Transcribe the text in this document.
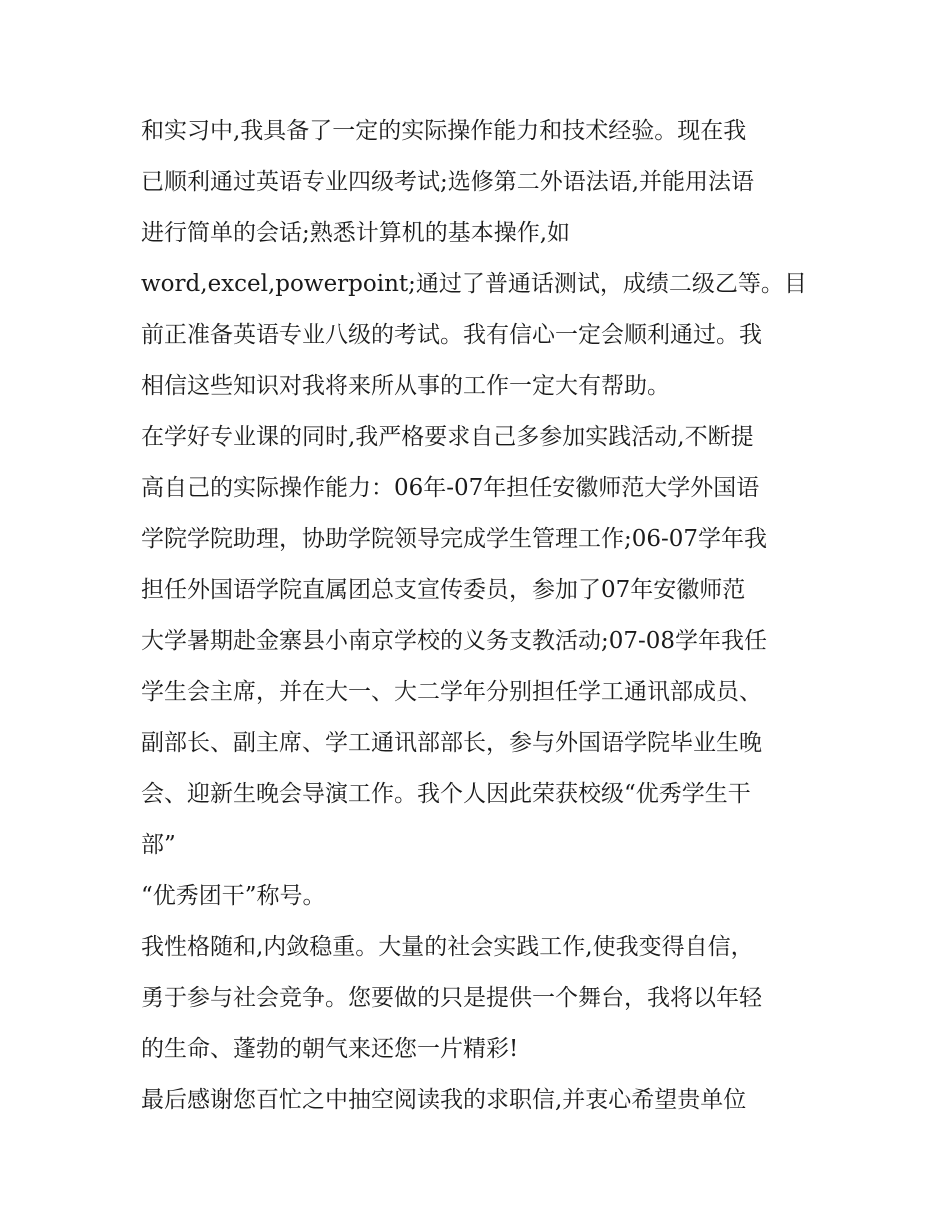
和实习中,我具备了一定的实际操作能力和技术经验。现在我
已顺利通过英语专业四级考试;选修第二外语法语,并能用法语
进行简单的会话;熟悉计算机的基本操作,如
word,excel,powerpoint;通过了普通话测试，成绩二级乙等。目
前正准备英语专业八级的考试。我有信心一定会顺利通过。我
相信这些知识对我将来所从事的工作一定大有帮助。
在学好专业课的同时,我严格要求自己多参加实践活动,不断提
高自己的实际操作能力：06年-07年担任安徽师范大学外国语
学院学院助理，协助学院领导完成学生管理工作;06-07学年我
担任外国语学院直属团总支宣传委员，参加了07年安徽师范
大学暑期赴金寨县小南京学校的义务支教活动;07-08学年我任
学生会主席，并在大一、大二学年分别担任学工通讯部成员、
副部长、副主席、学工通讯部部长，参与外国语学院毕业生晚
会、迎新生晚会导演工作。我个人因此荣获校级“优秀学生干
部”
“优秀团干”称号。
我性格随和,内敛稳重。大量的社会实践工作,使我变得自信，
勇于参与社会竞争。您要做的只是提供一个舞台，我将以年轻
的生命、蓬勃的朝气来还您一片精彩!
最后感谢您百忙之中抽空阅读我的求职信,并衷心希望贵单位
